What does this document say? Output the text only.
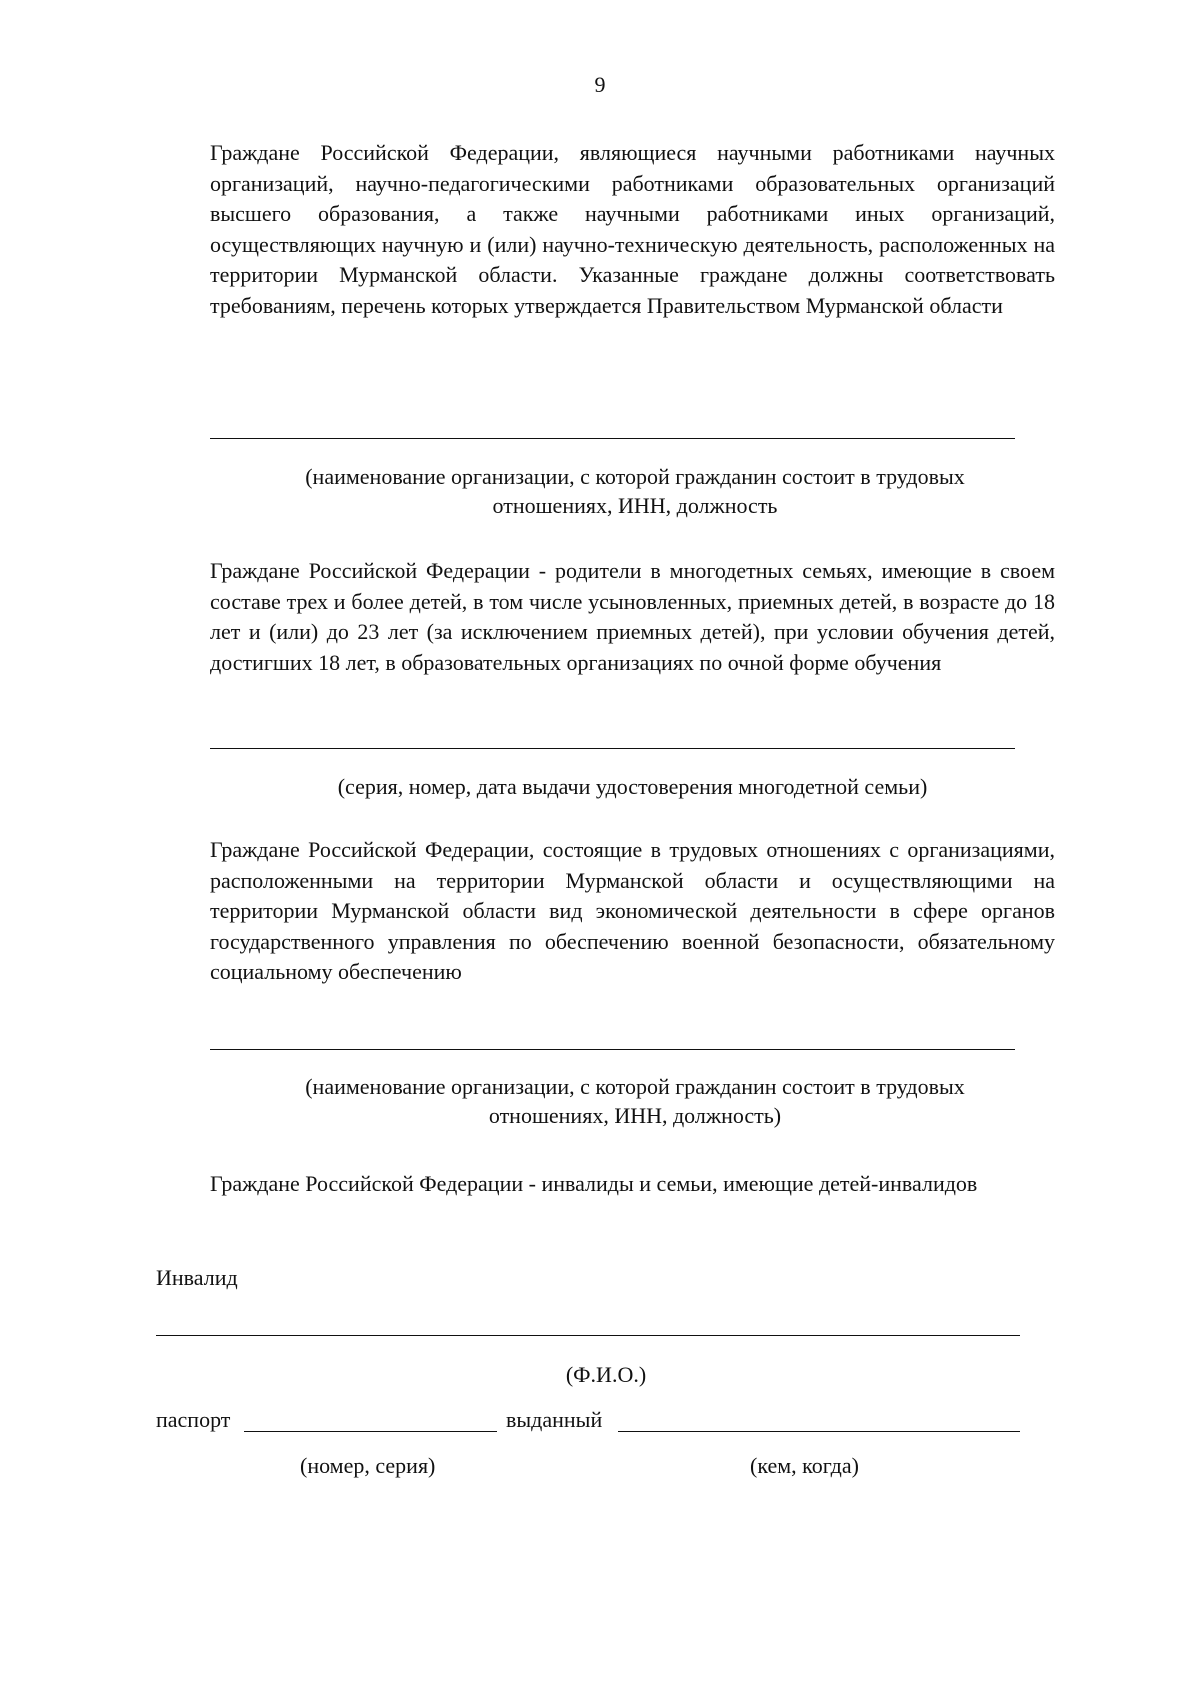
9
Граждане Российской Федерации, являющиеся научными работниками научных организаций, научно-педагогическими работниками образовательных организаций высшего образования, а также научными работниками иных организаций, осуществляющих научную и (или) научно-техническую деятельность, расположенных на территории Мурманской области. Указанные граждане должны соответствовать требованиям, перечень которых утверждается Правительством Мурманской области
(наименование организации, с которой гражданин состоит в трудовых отношениях, ИНН, должность
Граждане Российской Федерации - родители в многодетных семьях, имеющие в своем составе трех и более детей, в том числе усыновленных, приемных детей, в возрасте до 18 лет и (или) до 23 лет (за исключением приемных детей), при условии обучения детей, достигших 18 лет, в образовательных организациях по очной форме обучения
(серия, номер, дата выдачи удостоверения многодетной семьи)
Граждане Российской Федерации, состоящие в трудовых отношениях с организациями, расположенными на территории Мурманской области и осуществляющими на территории Мурманской области вид экономической деятельности в сфере органов государственного управления по обеспечению военной безопасности, обязательному социальному обеспечению
(наименование организации, с которой гражданин состоит в трудовых отношениях, ИНН, должность)
Граждане Российской Федерации - инвалиды и семьи, имеющие детей-инвалидов
Инвалид
(Ф.И.О.)
паспорт	выданный
(номер, серия)	(кем, когда)
